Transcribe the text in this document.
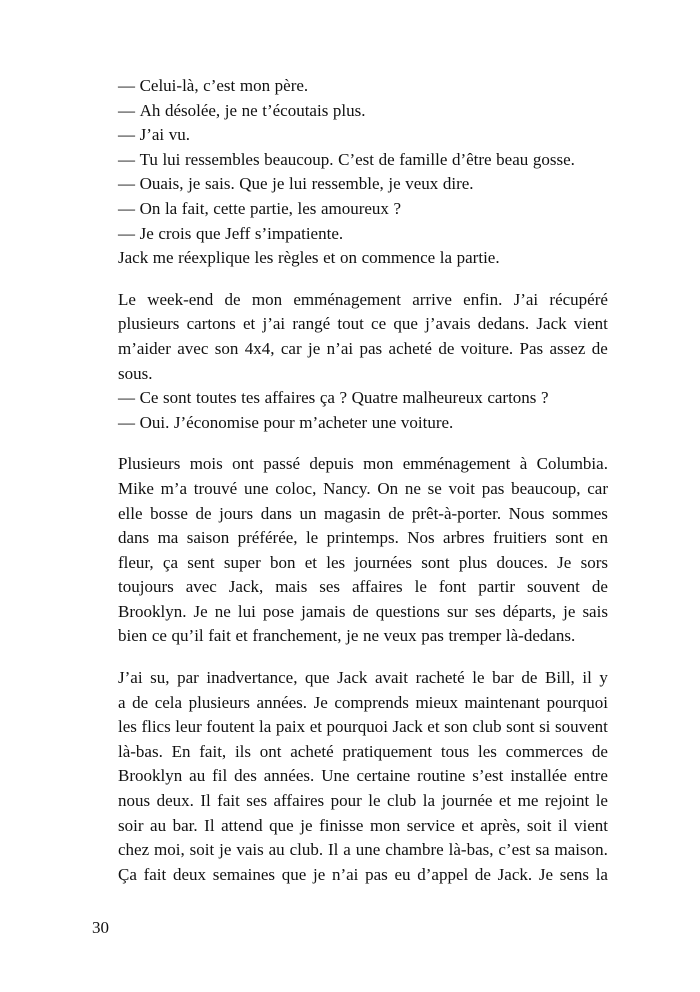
— Celui-là, c’est mon père.
— Ah désolée, je ne t’écoutais plus.
— J’ai vu.
— Tu lui ressembles beaucoup. C’est de famille d’être beau gosse.
— Ouais, je sais. Que je lui ressemble, je veux dire.
— On la fait, cette partie, les amoureux ?
— Je crois que Jeff s’impatiente.
Jack me réexplique les règles et on commence la partie.
Le week-end de mon emménagement arrive enfin. J’ai récupéré
plusieurs cartons et j’ai rangé tout ce que j’avais dedans. Jack vient
m’aider avec son 4x4, car je n’ai pas acheté de voiture. Pas assez de
sous.
— Ce sont toutes tes affaires ça ? Quatre malheureux cartons ?
— Oui. J’économise pour m’acheter une voiture.
Plusieurs mois ont passé depuis mon emménagement à Columbia.
Mike m’a trouvé une coloc, Nancy. On ne se voit pas beaucoup, car
elle bosse de jours dans un magasin de prêt-à-porter. Nous sommes
dans ma saison préférée, le printemps. Nos arbres fruitiers sont en
fleur, ça sent super bon et les journées sont plus douces. Je sors
toujours avec Jack, mais ses affaires le font partir souvent de
Brooklyn. Je ne lui pose jamais de questions sur ses départs, je sais
bien ce qu’il fait et franchement, je ne veux pas tremper là-dedans.
J’ai su, par inadvertance, que Jack avait racheté le bar de Bill, il y
a de cela plusieurs années. Je comprends mieux maintenant pourquoi
les flics leur foutent la paix et pourquoi Jack et son club sont si souvent
là-bas. En fait, ils ont acheté pratiquement tous les commerces de
Brooklyn au fil des années. Une certaine routine s’est installée entre
nous deux. Il fait ses affaires pour le club la journée et me rejoint le
soir au bar. Il attend que je finisse mon service et après, soit il vient
chez moi, soit je vais au club. Il a une chambre là-bas, c’est sa maison.
Ça fait deux semaines que je n’ai pas eu d’appel de Jack. Je sens la
30
